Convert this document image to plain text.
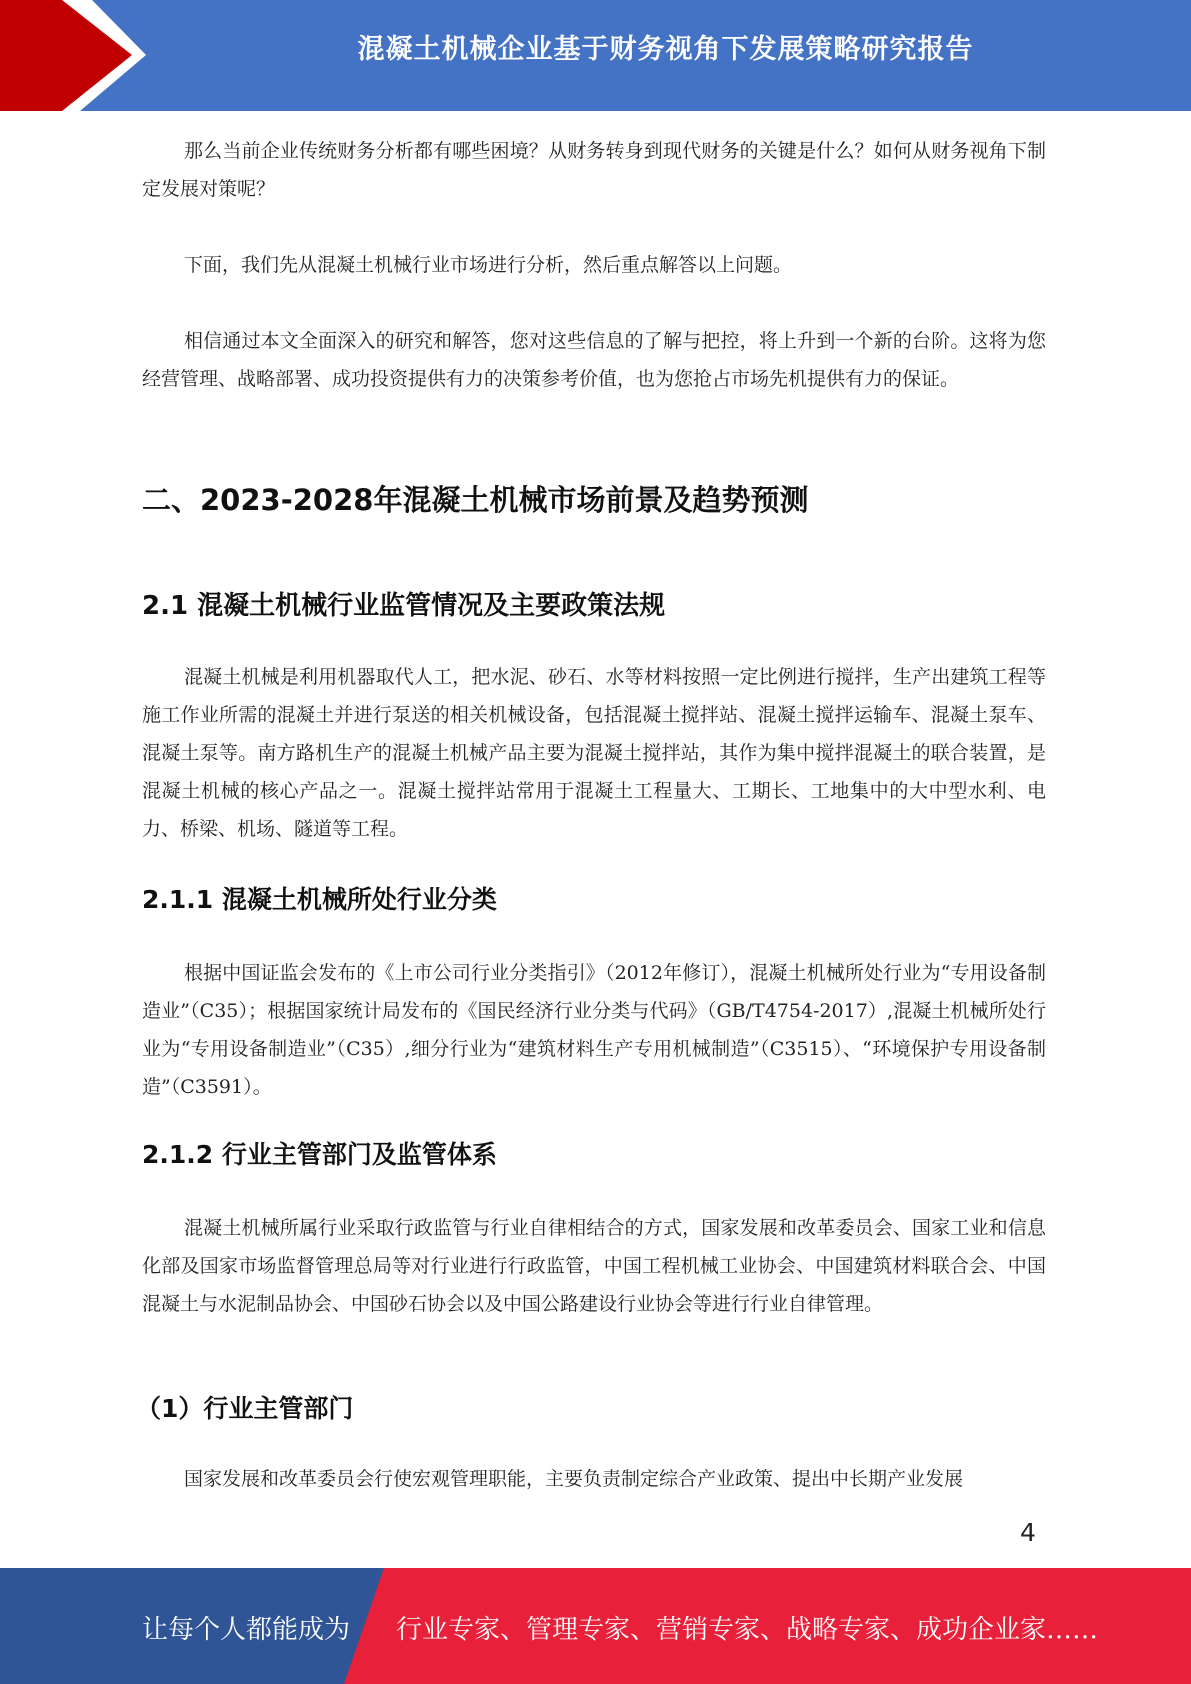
混凝土机械企业基于财务视角下发展策略研究报告

那么当前企业传统财务分析都有哪些困境？从财务转身到现代财务的关键是什么？如何从财务视角下制定发展对策呢？

下面，我们先从混凝土机械行业市场进行分析，然后重点解答以上问题。

相信通过本文全面深入的研究和解答，您对这些信息的了解与把控，将上升到一个新的台阶。这将为您经营管理、战略部署、成功投资提供有力的决策参考价值，也为您抢占市场先机提供有力的保证。

二、2023-2028年混凝土机械市场前景及趋势预测
2.1 混凝土机械行业监管情况及主要政策法规

混凝土机械是利用机器取代人工，把水泥、砂石、水等材料按照一定比例进行搅拌，生产出建筑工程等施工作业所需的混凝土并进行泵送的相关机械设备，包括混凝土搅拌站、混凝土搅拌运输车、混凝土泵车、混凝土泵等。南方路机生产的混凝土机械产品主要为混凝土搅拌站，其作为集中搅拌混凝土的联合装置，是混凝土机械的核心产品之一。混凝土搅拌站常用于混凝土工程量大、工期长、工地集中的大中型水利、电力、桥梁、机场、隧道等工程。

2.1.1 混凝土机械所处行业分类

根据中国证监会发布的《上市公司行业分类指引》（2012年修订），混凝土机械所处行业为“专用设备制造业”（C35）；根据国家统计局发布的《国民经济行业分类与代码》（GB/T4754-2017）,混凝土机械所处行业为“专用设备制造业”（C35）,细分行业为“建筑材料生产专用机械制造”（C3515）、“环境保护专用设备制造”（C3591）。

2.1.2 行业主管部门及监管体系

混凝土机械所属行业采取行政监管与行业自律相结合的方式，国家发展和改革委员会、国家工业和信息化部及国家市场监督管理总局等对行业进行行政监管，中国工程机械工业协会、中国建筑材料联合会、中国混凝土与水泥制品协会、中国砂石协会以及中国公路建设行业协会等进行行业自律管理。

（1）行业主管部门

国家发展和改革委员会行使宏观管理职能，主要负责制定综合产业政策、提出中长期产业发展

4
让每个人都能成为 行业专家、管理专家、营销专家、战略专家、成功企业家……
